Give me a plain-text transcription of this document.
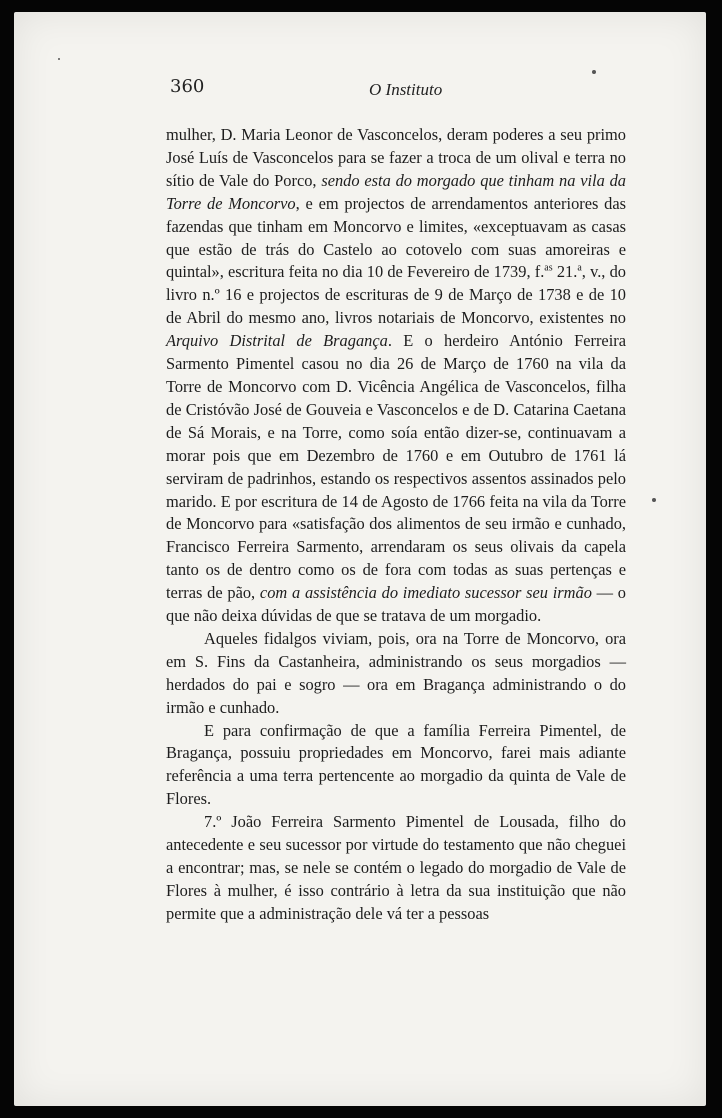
360	O Instituto

mulher, D. Maria Leonor de Vasconcelos, deram poderes a seu primo José Luís de Vasconcelos para se fazer a troca de um olival e terra no sítio de Vale do Porco, sendo esta do morgado que tinham na vila da Torre de Moncorvo, e em projectos de arrendamentos anteriores das fazendas que tinham em Moncorvo e limites, «exceptuavam as casas que estão de trás do Castelo ao cotovelo com suas amoreiras e quintal», escritura feita no dia 10 de Fevereiro de 1739, f.$^{as}$ 21.$^a$, v., do livro n.º 16 e projectos de escrituras de 9 de Março de 1738 e de 10 de Abril do mesmo ano, livros notariais de Moncorvo, existentes no Arquivo Distrital de Bragança. E o herdeiro António Ferreira Sarmento Pimentel casou no dia 26 de Março de 1760 na vila da Torre de Moncorvo com D. Vicência Angélica de Vasconcelos, filha de Cristóvão José de Gouveia e Vasconcelos e de D. Catarina Caetana de Sá Morais, e na Torre, como soía então dizer-se, continuavam a morar pois que em Dezembro de 1760 e em Outubro de 1761 lá serviram de padrinhos, estando os respectivos assentos assinados pelo marido. E por escritura de 14 de Agosto de 1766 feita na vila da Torre de Moncorvo para «satisfação dos alimentos de seu irmão e cunhado, Francisco Ferreira Sarmento, arrendaram os seus olivais da capela tanto os de dentro como os de fora com todas as suas pertenças e terras de pão, com a assistência do imediato sucessor seu irmão — o que não deixa dúvidas de que se tratava de um morgadio.

Aqueles fidalgos viviam, pois, ora na Torre de Moncorvo, ora em S. Fins da Castanheira, administrando os seus morgadios — herdados do pai e sogro — ora em Bragança administrando o do irmão e cunhado.

E para confirmação de que a família Ferreira Pimentel, de Bragança, possuiu propriedades em Moncorvo, farei mais adiante referência a uma terra pertencente ao morgadio da quinta de Vale de Flores.

7.º João Ferreira Sarmento Pimentel de Lousada, filho do antecedente e seu sucessor por virtude do testamento que não cheguei a encontrar; mas, se nele se contém o legado do morgadio de Vale de Flores à mulher, é isso contrário à letra da sua instituição que não permite que a administração dele vá ter a pessoas
